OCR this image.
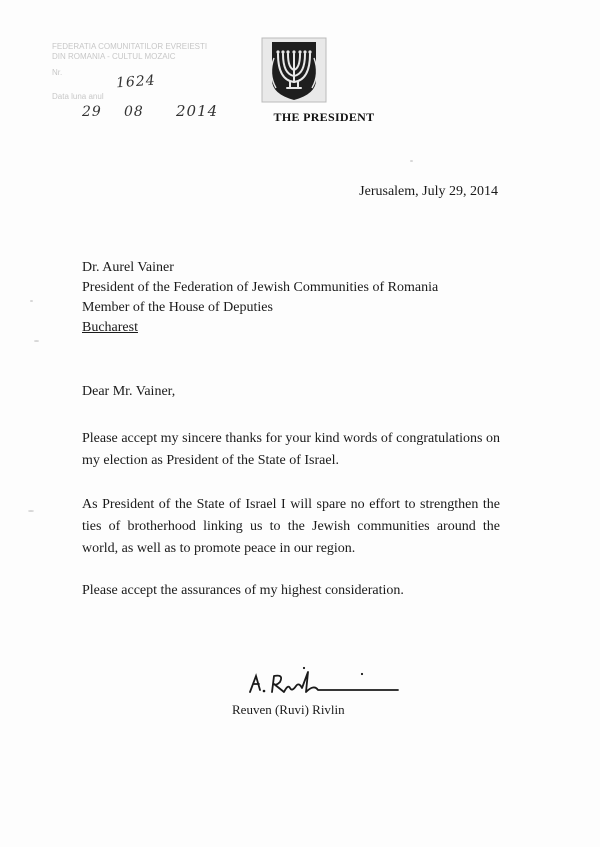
FEDERATIA COMUNITATILOR EVREIESTI
DIN ROMANIA - CULTUL MOZAIC
Nr.
Data luna anul
1624
29 08 2014	THE PRESIDENT
Jerusalem, July 29, 2014
Dr. Aurel Vainer
President of the Federation of Jewish Communities of Romania
Member of the House of Deputies
Bucharest
Dear Mr. Vainer,
Please accept my sincere thanks for your kind words of congratulations on my election as President of the State of Israel.
As President of the State of Israel I will spare no effort to strengthen the ties of brotherhood linking us to the Jewish communities around the world, as well as to promote peace in our region.
Please accept the assurances of my highest consideration.
Reuven (Ruvi) Rivlin
